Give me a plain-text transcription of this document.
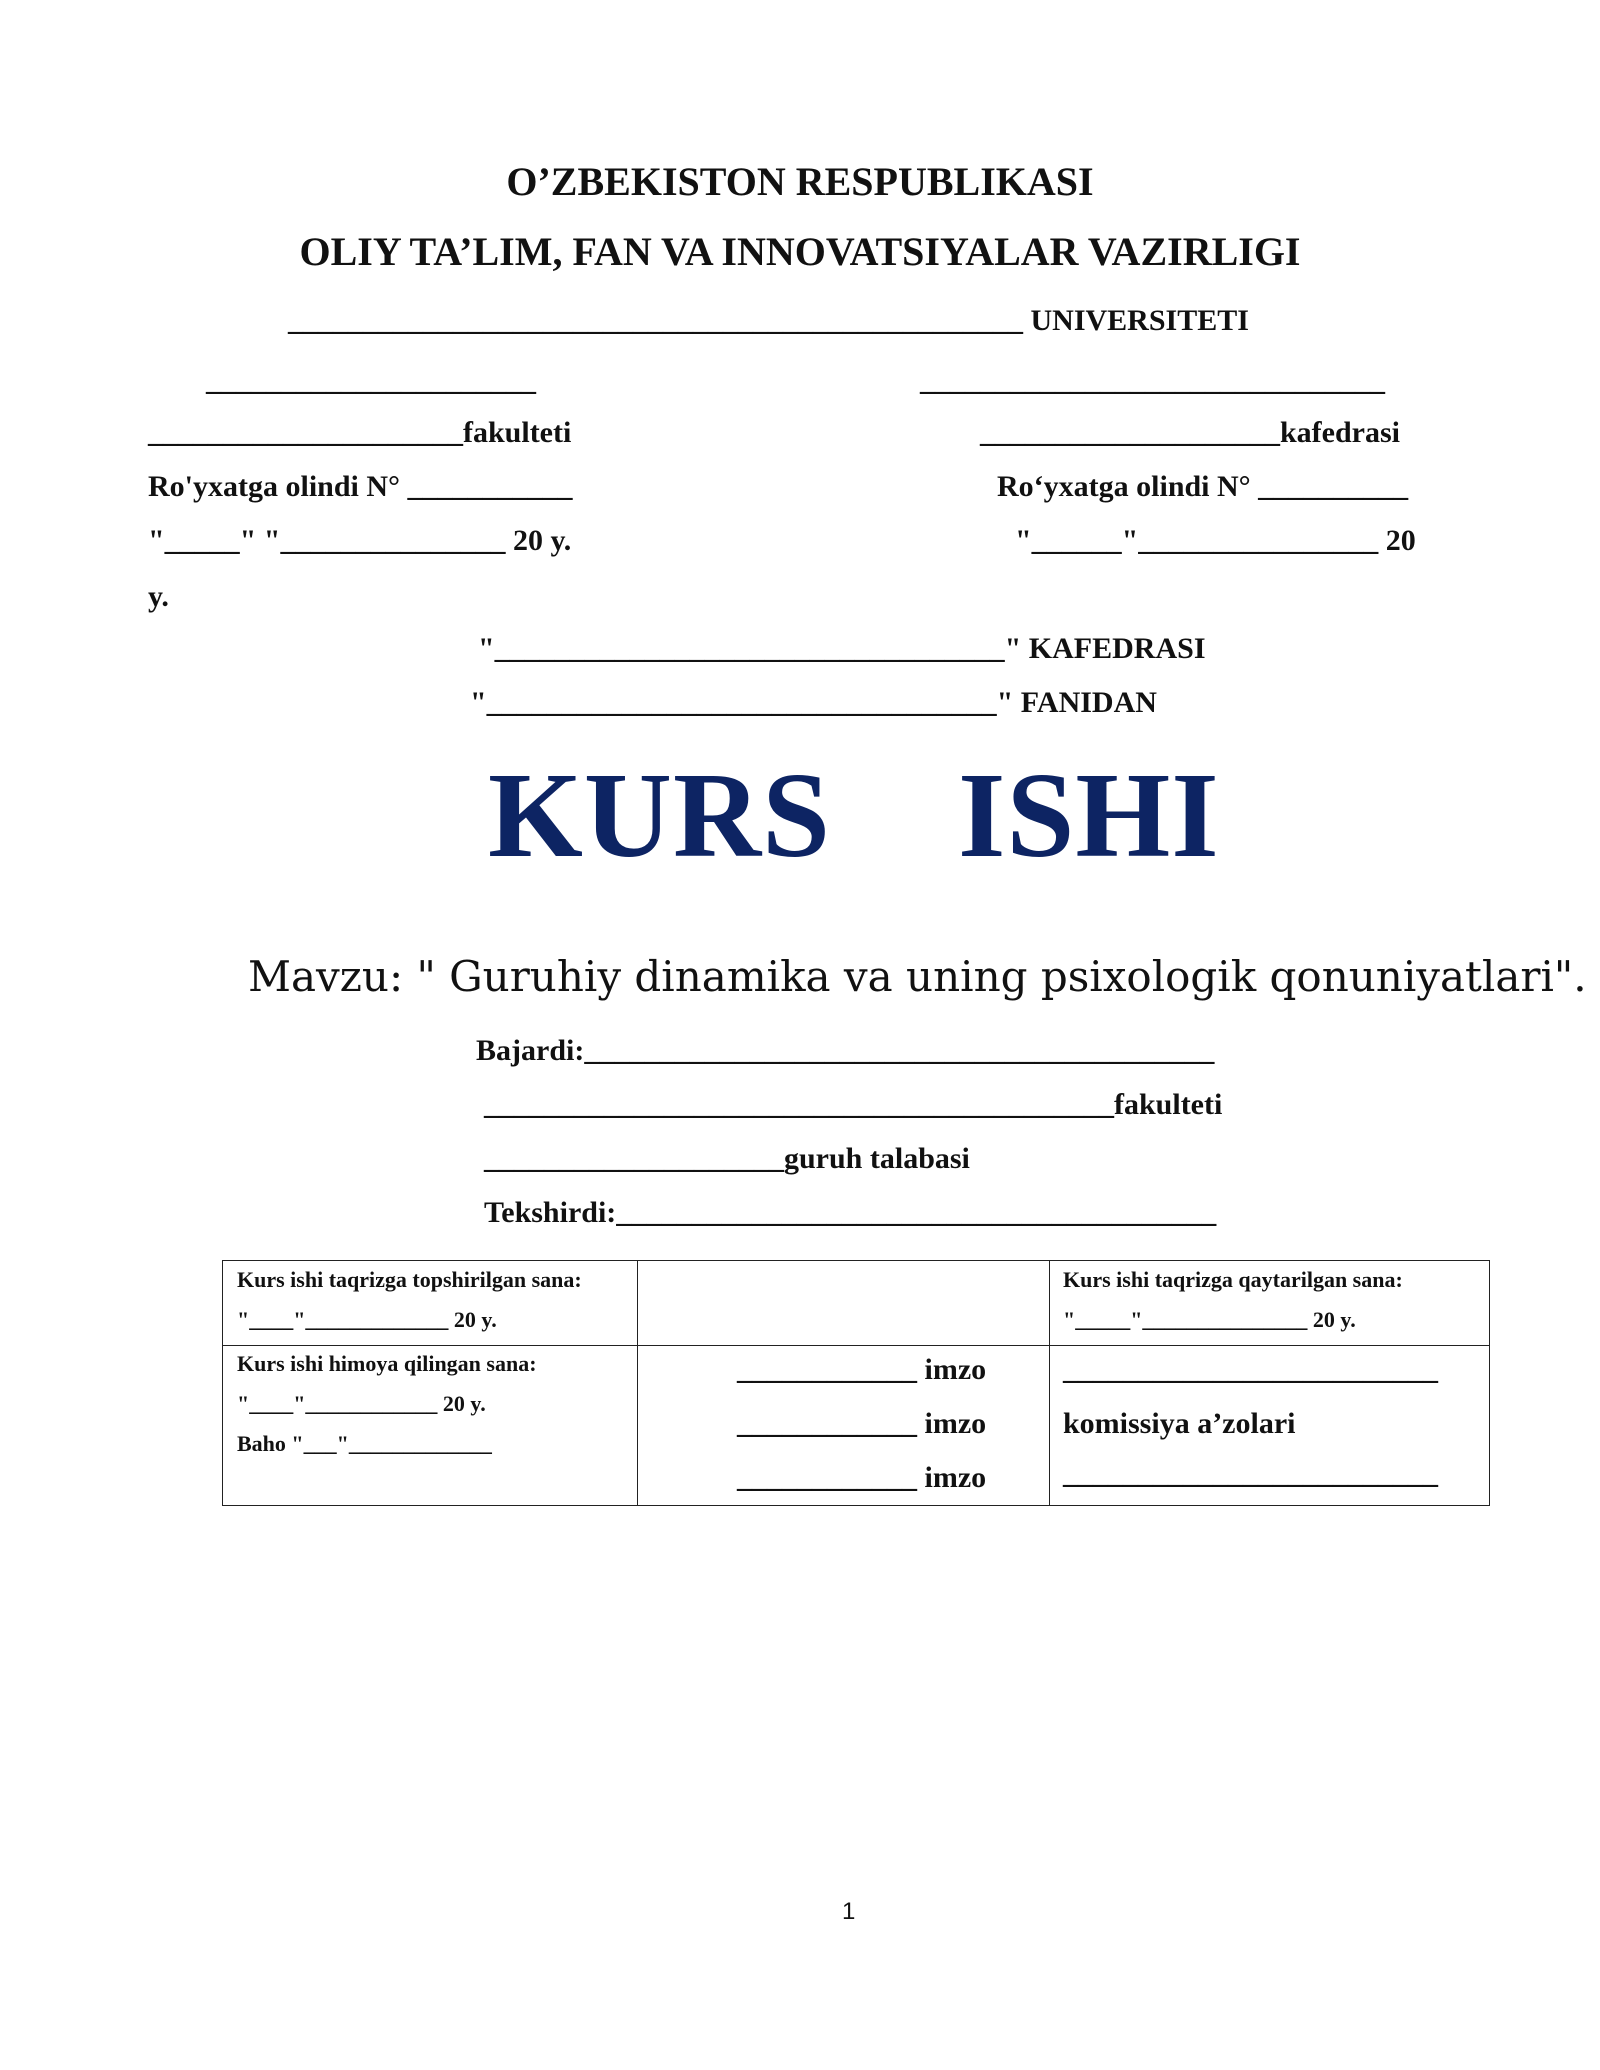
O’ZBEKISTON RESPUBLIKASI
OLIY TA’LIM, FAN VA INNOVATSIYALAR VAZIRLIGI
_________________________________________________ UNIVERSITETI
______________________	_______________________________
_____________________fakulteti
Ro'yxatga olindi N° ___________
"_____" "_______________ 20 y.
____________________kafedrasi
Ro‘yxatga olindi N° __________
"______"________________ 20
y.
"__________________________________" KAFEDRASI
"__________________________________" FANIDAN
KURS ISHI
Mavzu: " Guruhiy dinamika va uning psixologik qonuniyatlari".
Bajardi:__________________________________________
__________________________________________fakulteti
____________________guruh talabasi
Tekshirdi:________________________________________
Kurs ishi taqrizga topshirilgan sana:
"____"_____________ 20 y.
Kurs ishi taqrizga qaytarilgan sana:
"_____"_______________ 20 y.
Kurs ishi himoya qilingan sana:
"____"____________ 20 y.
Baho "___"_____________
____________ imzo
____________ imzo
____________ imzo
_________________________
komissiya a’zolari
_________________________
1
